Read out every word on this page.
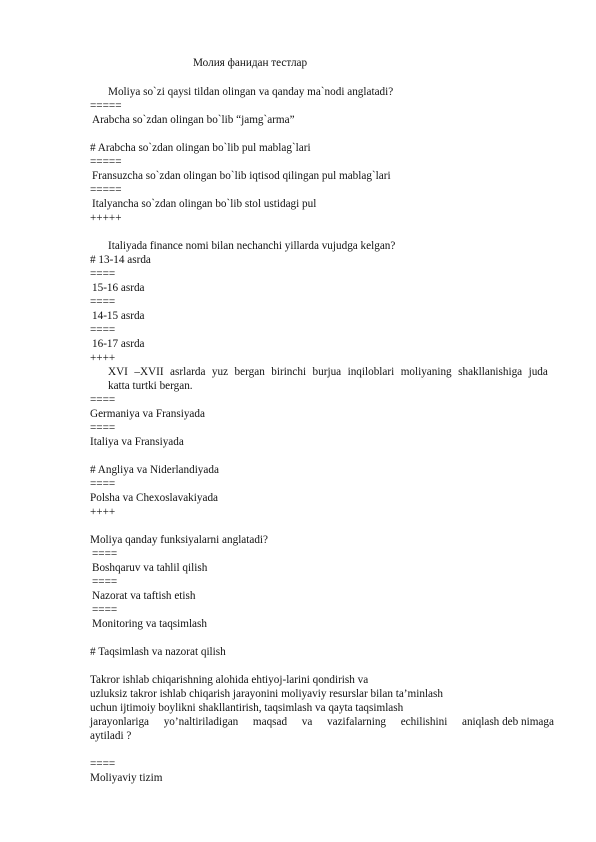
Молия фанидан тестлар
Moliya so`zi qaysi tildan olingan va qanday ma`nodi anglatadi?
=====
Arabcha so`zdan olingan bo`lib “jamg`arma”
# Arabcha so`zdan olingan bo`lib pul mablag`lari
=====
Fransuzcha so`zdan olingan bo`lib iqtisod qilingan pul mablag`lari
=====
Italyancha so`zdan olingan bo`lib stol ustidagi pul
+++++
Italiyada finance nomi bilan nechanchi yillarda vujudga kelgan?
# 13-14 asrda
====
15-16 asrda
====
14-15 asrda
====
16-17 asrda
++++
XVI –XVII asrlarda yuz bergan birinchi burjua inqiloblari moliyaning shakllanishiga juda
katta turtki bergan.
====
Germaniya va Fransiyada
====
Italiya va Fransiyada
# Angliya va Niderlandiyada
====
Polsha va Chexoslavakiyada
++++
Moliya qanday funksiyalarni anglatadi?
====
Boshqaruv va tahlil qilish
====
Nazorat va taftish etish
====
Monitoring va taqsimlash
# Taqsimlash va nazorat qilish
Takror ishlab chiqarishning alohida ehtiyoj-larini qondirish va
uzluksiz takror ishlab chiqarish jarayonini moliyaviy resurslar bilan ta’minlash
uchun ijtimoiy boylikni shakllantirish, taqsimlash va qayta taqsimlash
jarayonlariga yo’naltiriladigan maqsad va vazifalarning echilishini aniqlash deb nimaga
aytiladi ?
====
Moliyaviy tizim
